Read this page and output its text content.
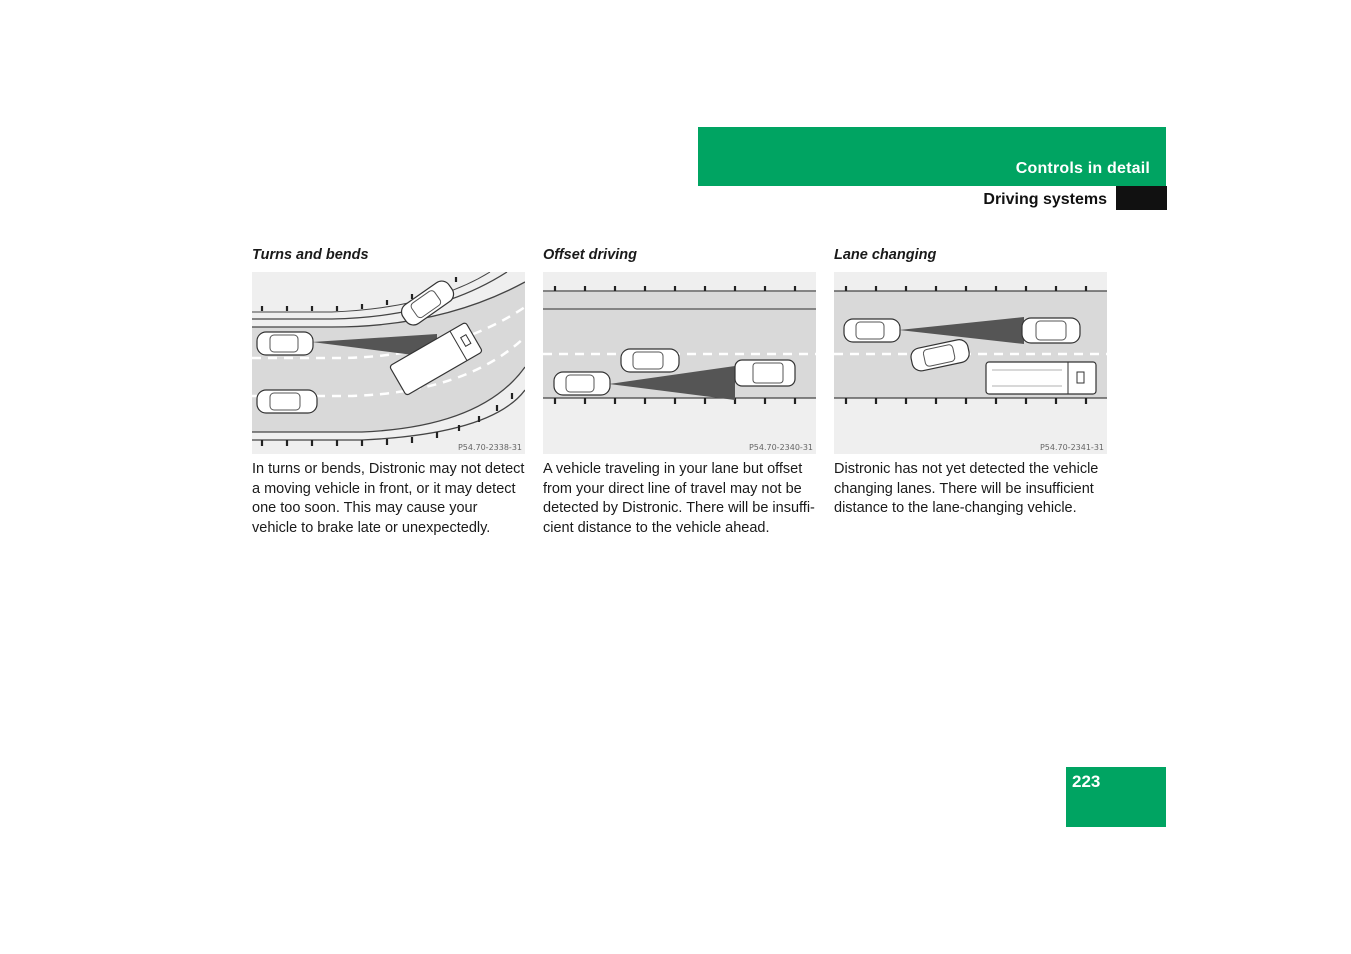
Controls in detail
Driving systems
Turns and bends
P54.70-2338-31
In turns or bends, Distronic may not detect a moving vehicle in front, or it may detect one too soon. This may cause your vehicle to brake late or unexpectedly.
Offset driving
P54.70-2340-31
A vehicle traveling in your lane but offset from your direct line of travel may not be detected by Distronic. There will be insuffi-cient distance to the vehicle ahead.
Lane changing
P54.70-2341-31
Distronic has not yet detected the vehicle changing lanes. There will be insufficient distance to the lane-changing vehicle.
223
